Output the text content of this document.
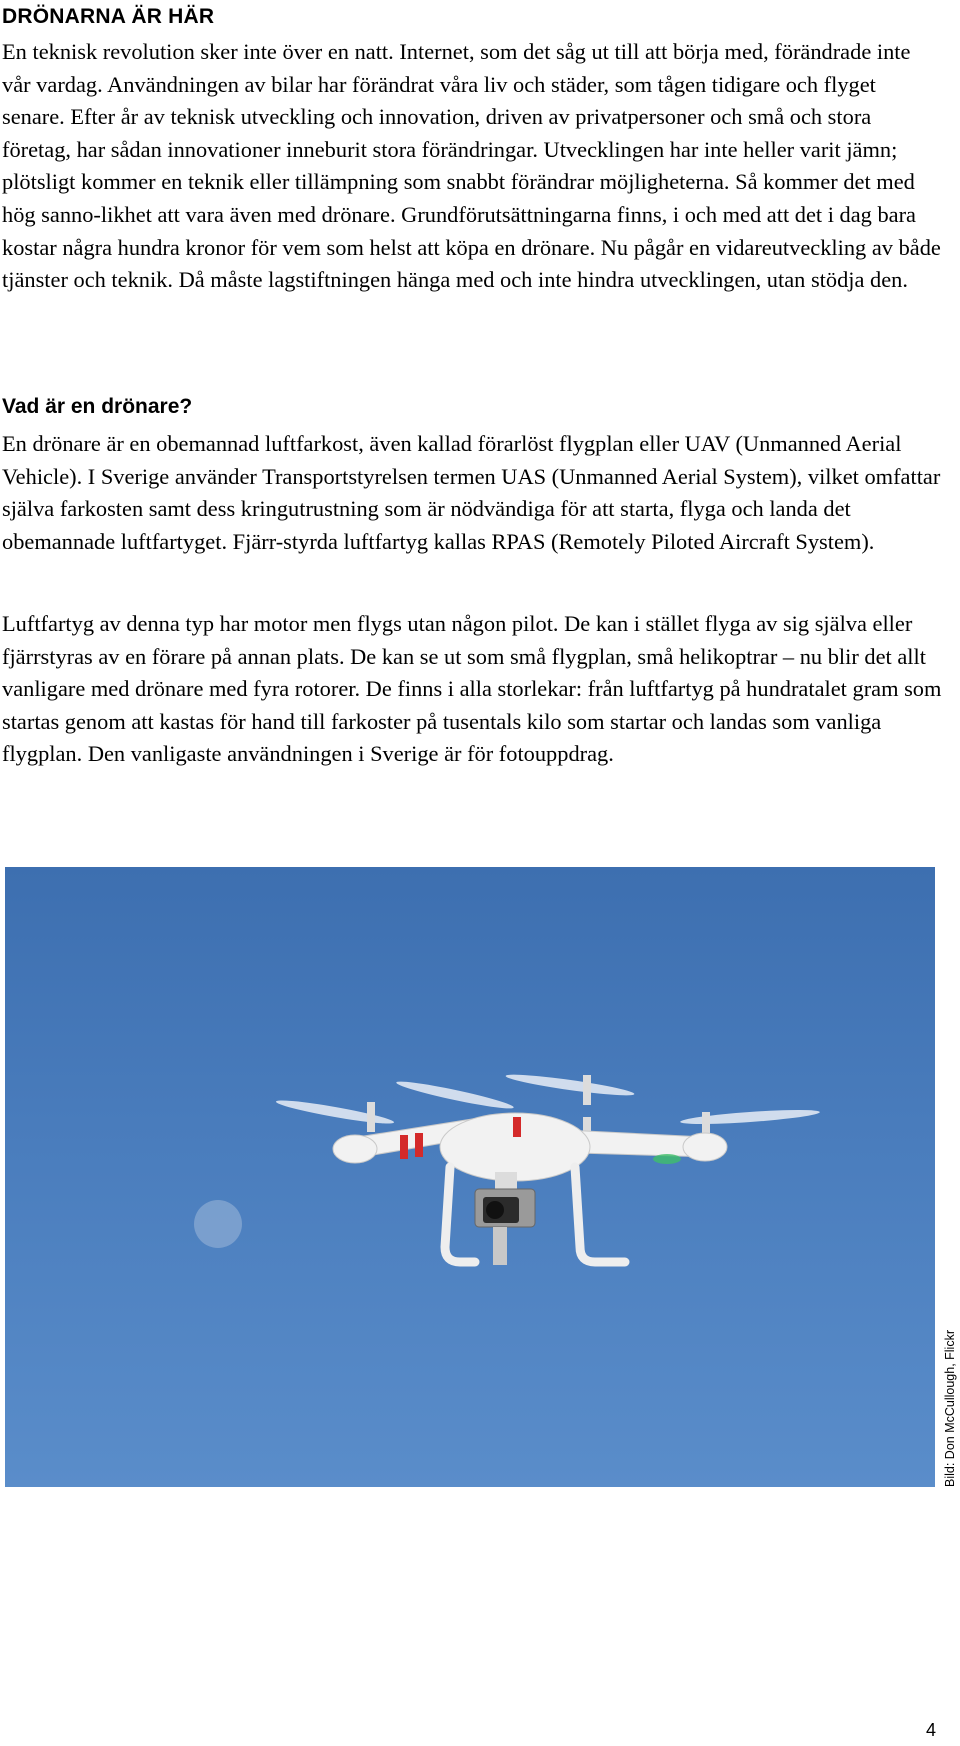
DRÖNARNA ÄR HÄR

En teknisk revolution sker inte över en natt. Internet, som det såg ut till att börja med, förändrade inte vår vardag. Användningen av bilar har förändrat våra liv och städer, som tågen tidigare och flyget senare. Efter år av teknisk utveckling och innovation, driven av privatpersoner och små och stora företag, har sådan innovationer inneburit stora förändringar. Utvecklingen har inte heller varit jämn; plötsligt kommer en teknik eller tillämpning som snabbt förändrar möjligheterna. Så kommer det med hög sanno-likhet att vara även med drönare. Grundförutsättningarna finns, i och med att det i dag bara kostar några hundra kronor för vem som helst att köpa en drönare. Nu pågår en vidareutveckling av både tjänster och teknik. Då måste lagstiftningen hänga med och inte hindra utvecklingen, utan stödja den.

Vad är en drönare?

En drönare är en obemannad luftfarkost, även kallad förarlöst flygplan eller UAV (Unmanned Aerial Vehicle). I Sverige använder Transportstyrelsen termen UAS (Unmanned Aerial System), vilket omfattar själva farkosten samt dess kringutrustning som är nödvändiga för att starta, flyga och landa det obemannade luftfartyget. Fjärr-styrda luftfartyg kallas RPAS (Remotely Piloted Aircraft System).

Luftfartyg av denna typ har motor men flygs utan någon pilot. De kan i stället flyga av sig själva eller fjärrstyras av en förare på annan plats. De kan se ut som små flygplan, små helikoptrar – nu blir det allt vanligare med drönare med fyra rotorer. De finns i alla storlekar: från luftfartyg på hundratalet gram som startas genom att kastas för hand till farkoster på tusentals kilo som startar och landas som vanliga flygplan. Den vanligaste användningen i Sverige är för fotouppdrag.

Bild: Don McCullough, Flickr
4
